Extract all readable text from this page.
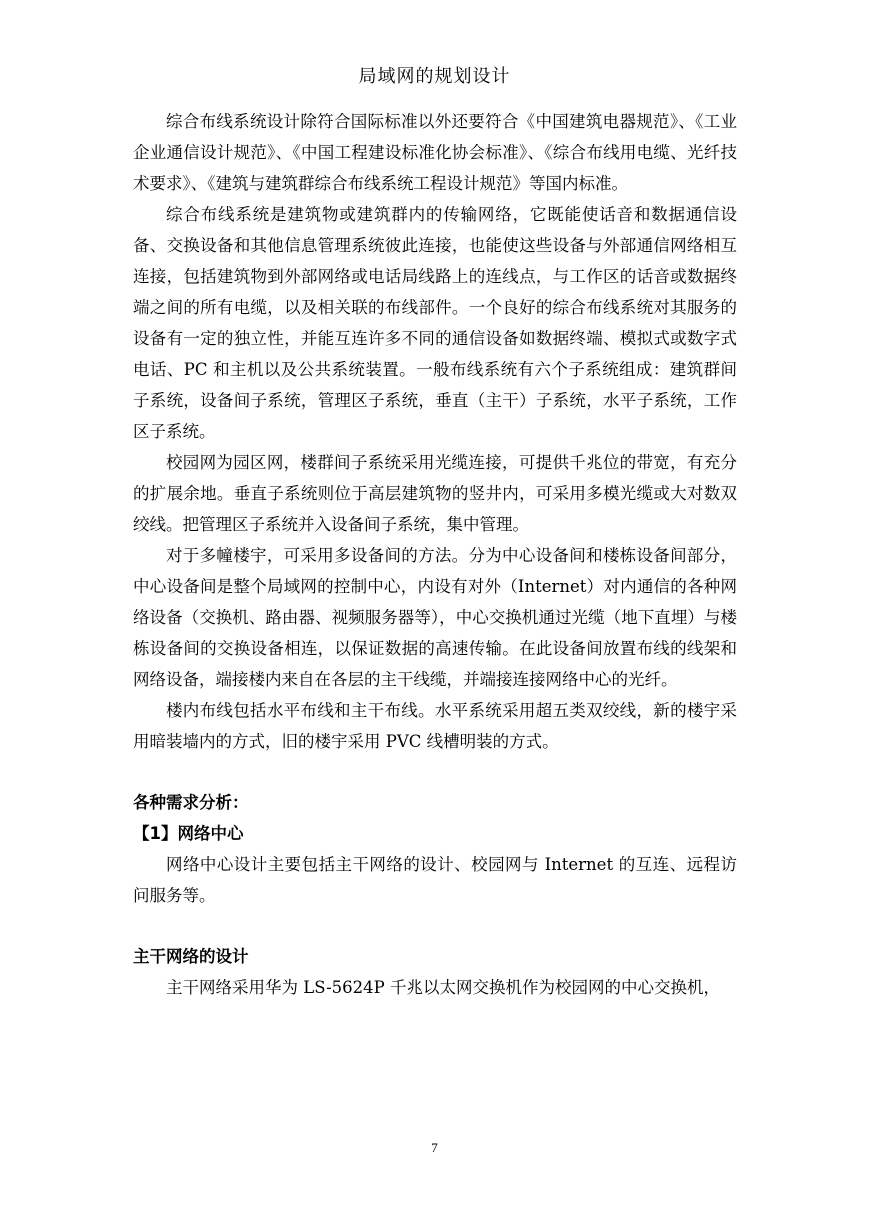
局域网的规划设计

综合布线系统设计除符合国际标准以外还要符合《中国建筑电器规范》、《工业企业通信设计规范》、《中国工程建设标准化协会标准》、《综合布线用电缆、光纤技术要求》、《建筑与建筑群综合布线系统工程设计规范》等国内标准。

综合布线系统是建筑物或建筑群内的传输网络，它既能使话音和数据通信设备、交换设备和其他信息管理系统彼此连接，也能使这些设备与外部通信网络相互连接，包括建筑物到外部网络或电话局线路上的连线点，与工作区的话音或数据终端之间的所有电缆，以及相关联的布线部件。一个良好的综合布线系统对其服务的设备有一定的独立性，并能互连许多不同的通信设备如数据终端、模拟式或数字式电话、PC 和主机以及公共系统装置。一般布线系统有六个子系统组成：建筑群间子系统，设备间子系统，管理区子系统，垂直（主干）子系统，水平子系统，工作区子系统。

校园网为园区网，楼群间子系统采用光缆连接，可提供千兆位的带宽，有充分的扩展余地。垂直子系统则位于高层建筑物的竖井内，可采用多模光缆或大对数双绞线。把管理区子系统并入设备间子系统，集中管理。

对于多幢楼宇，可采用多设备间的方法。分为中心设备间和楼栋设备间部分，中心设备间是整个局域网的控制中心，内设有对外（Internet）对内通信的各种网络设备（交换机、路由器、视频服务器等），中心交换机通过光缆（地下直埋）与楼栋设备间的交换设备相连，以保证数据的高速传输。在此设备间放置布线的线架和网络设备，端接楼内来自在各层的主干线缆，并端接连接网络中心的光纤。

楼内布线包括水平布线和主干布线。水平系统采用超五类双绞线，新的楼宇采用暗装墙内的方式，旧的楼宇采用 PVC 线槽明装的方式。

各种需求分析：

【1】网络中心

网络中心设计主要包括主干网络的设计、校园网与 Internet 的互连、远程访问服务等。

主干网络的设计

主干网络采用华为 LS-5624P 千兆以太网交换机作为校园网的中心交换机，

7
